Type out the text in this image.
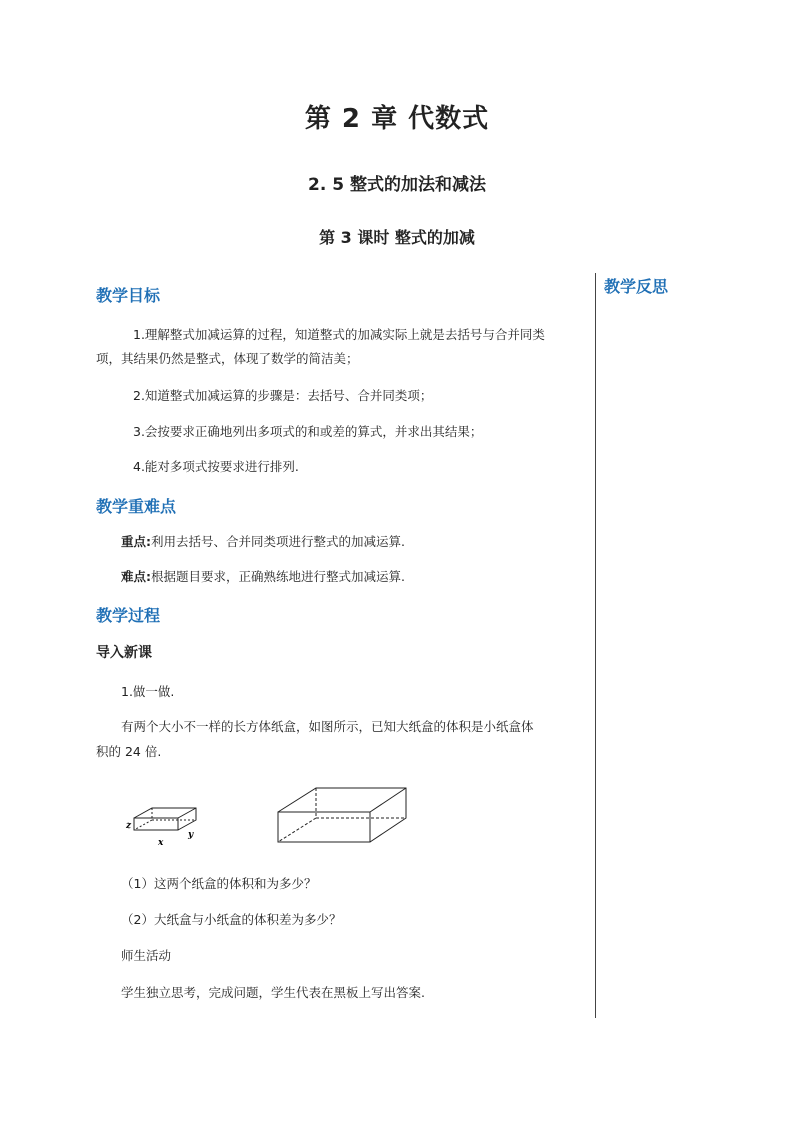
第 2 章 代数式
2. 5 整式的加法和减法
第 3 课时 整式的加减
教学反思
教学目标
1.理解整式加减运算的过程，知道整式的加减实际上就是去括号与合并同类
项，其结果仍然是整式，体现了数学的简洁美；
2.知道整式加减运算的步骤是：去括号、合并同类项；
3.会按要求正确地列出多项式的和或差的算式，并求出其结果；
4.能对多项式按要求进行排列.
教学重难点
重点:利用去括号、合并同类项进行整式的加减运算.
难点:根据题目要求，正确熟练地进行整式加减运算.
教学过程
导入新课
1.做一做.
有两个大小不一样的长方体纸盒，如图所示，已知大纸盒的体积是小纸盒体
积的 24 倍.
z
y
x
（1）这两个纸盒的体积和为多少？
（2）大纸盒与小纸盒的体积差为多少？
师生活动
学生独立思考，完成问题，学生代表在黑板上写出答案.
